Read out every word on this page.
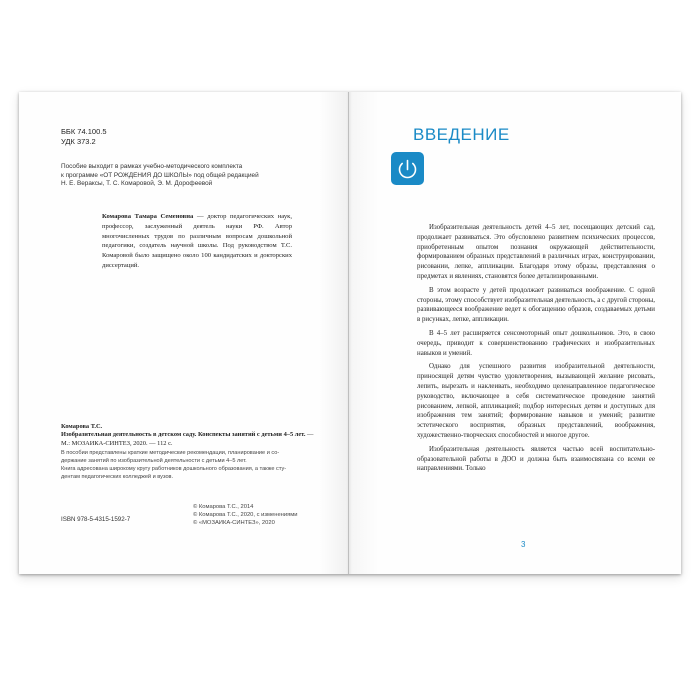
ББК 74.100.5
УДК 373.2
Пособие выходит в рамках учебно-методического комплекта
к программе «ОТ РОЖДЕНИЯ ДО ШКОЛЫ» под общей редакцией
Н. Е. Вераксы, Т. С. Комаровой, Э. М. Дорофеевой
Комарова Тамара Семеновна — доктор педагогических наук, профессор, заслуженный деятель науки РФ. Автор многочисленных трудов по различным вопросам дошкольной педагогики, создатель научной школы. Под руководством Т.С. Комаровой было защищено около 100 кандидатских и докторских диссертаций.
Комарова Т.С.
Изобразительная деятельность в детском саду. Конспекты занятий с детьми 4–5 лет. — М.: МОЗАИКА-СИНТЕЗ, 2020. — 112 с.
В пособии представлены краткие методические рекомендации, планирование и со-
держание занятий по изобразительной деятельности с детьми 4–5 лет.
Книга адресована широкому кругу работников дошкольного образования, а также сту-
дентам педагогических колледжей и вузов.
© Комарова Т.С., 2014
© Комарова Т.С., 2020, с изменениями
© «МОЗАИКА-СИНТЕЗ», 2020
ISBN 978-5-4315-1592-7
ВВЕДЕНИЕ

Изобразительная деятельность детей 4–5 лет, посещающих детский сад, продолжает развиваться. Это обусловлено развитием психических процессов, приобретенным опытом познания окружающей действительности, формированием образных представлений в различных играх, конструировании, рисовании, лепке, аппликации. Благодаря этому образы, представления о предметах и явлениях, становятся более детализированными.

В этом возрасте у детей продолжает развиваться воображение. С одной стороны, этому способствует изобразительная деятельность, а с другой стороны, развивающееся воображение ведет к обогащению образов, создаваемых детьми в рисунках, лепке, аппликации.

В 4–5 лет расширяется сенсомоторный опыт дошкольников. Это, в свою очередь, приводит к совершенствованию графических и изобразительных навыков и умений.

Однако для успешного развития изобразительной деятельности, приносящей детям чувство удовлетворения, вызывающей желание рисовать, лепить, вырезать и наклеивать, необходимо целенаправленное педагогическое руководство, включающее в себя систематическое проведение занятий рисованием, лепкой, аппликацией; подбор интересных детям и доступных для изображения тем занятий; формирование навыков и умений; развитие эстетического восприятия, образных представлений, воображения, художественно-творческих способностей и многое другое.

Изобразительная деятельность является частью всей воспитательно-образовательной работы в ДОО и должна быть взаимосвязана со всеми ее направлениями. Только

3
